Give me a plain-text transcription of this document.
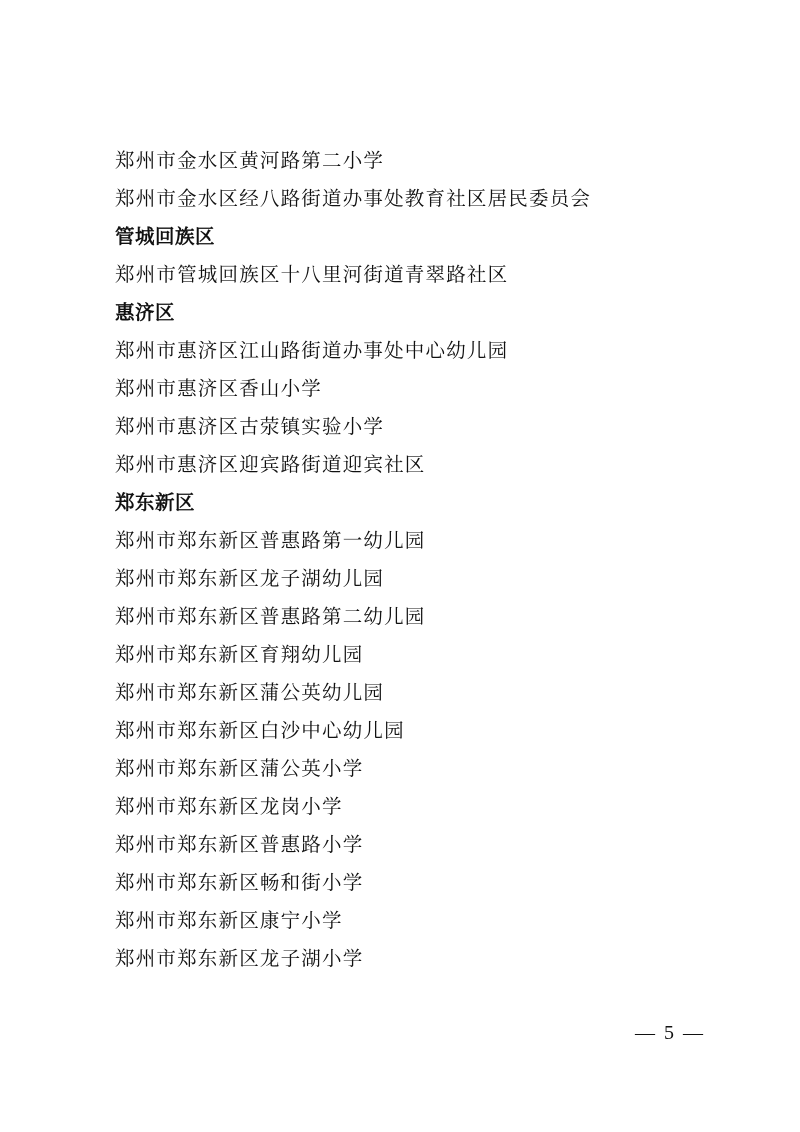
郑州市金水区黄河路第二小学
郑州市金水区经八路街道办事处教育社区居民委员会
管城回族区
郑州市管城回族区十八里河街道青翠路社区
惠济区
郑州市惠济区江山路街道办事处中心幼儿园
郑州市惠济区香山小学
郑州市惠济区古荥镇实验小学
郑州市惠济区迎宾路街道迎宾社区
郑东新区
郑州市郑东新区普惠路第一幼儿园
郑州市郑东新区龙子湖幼儿园
郑州市郑东新区普惠路第二幼儿园
郑州市郑东新区育翔幼儿园
郑州市郑东新区蒲公英幼儿园
郑州市郑东新区白沙中心幼儿园
郑州市郑东新区蒲公英小学
郑州市郑东新区龙岗小学
郑州市郑东新区普惠路小学
郑州市郑东新区畅和街小学
郑州市郑东新区康宁小学
郑州市郑东新区龙子湖小学
— 5 —
